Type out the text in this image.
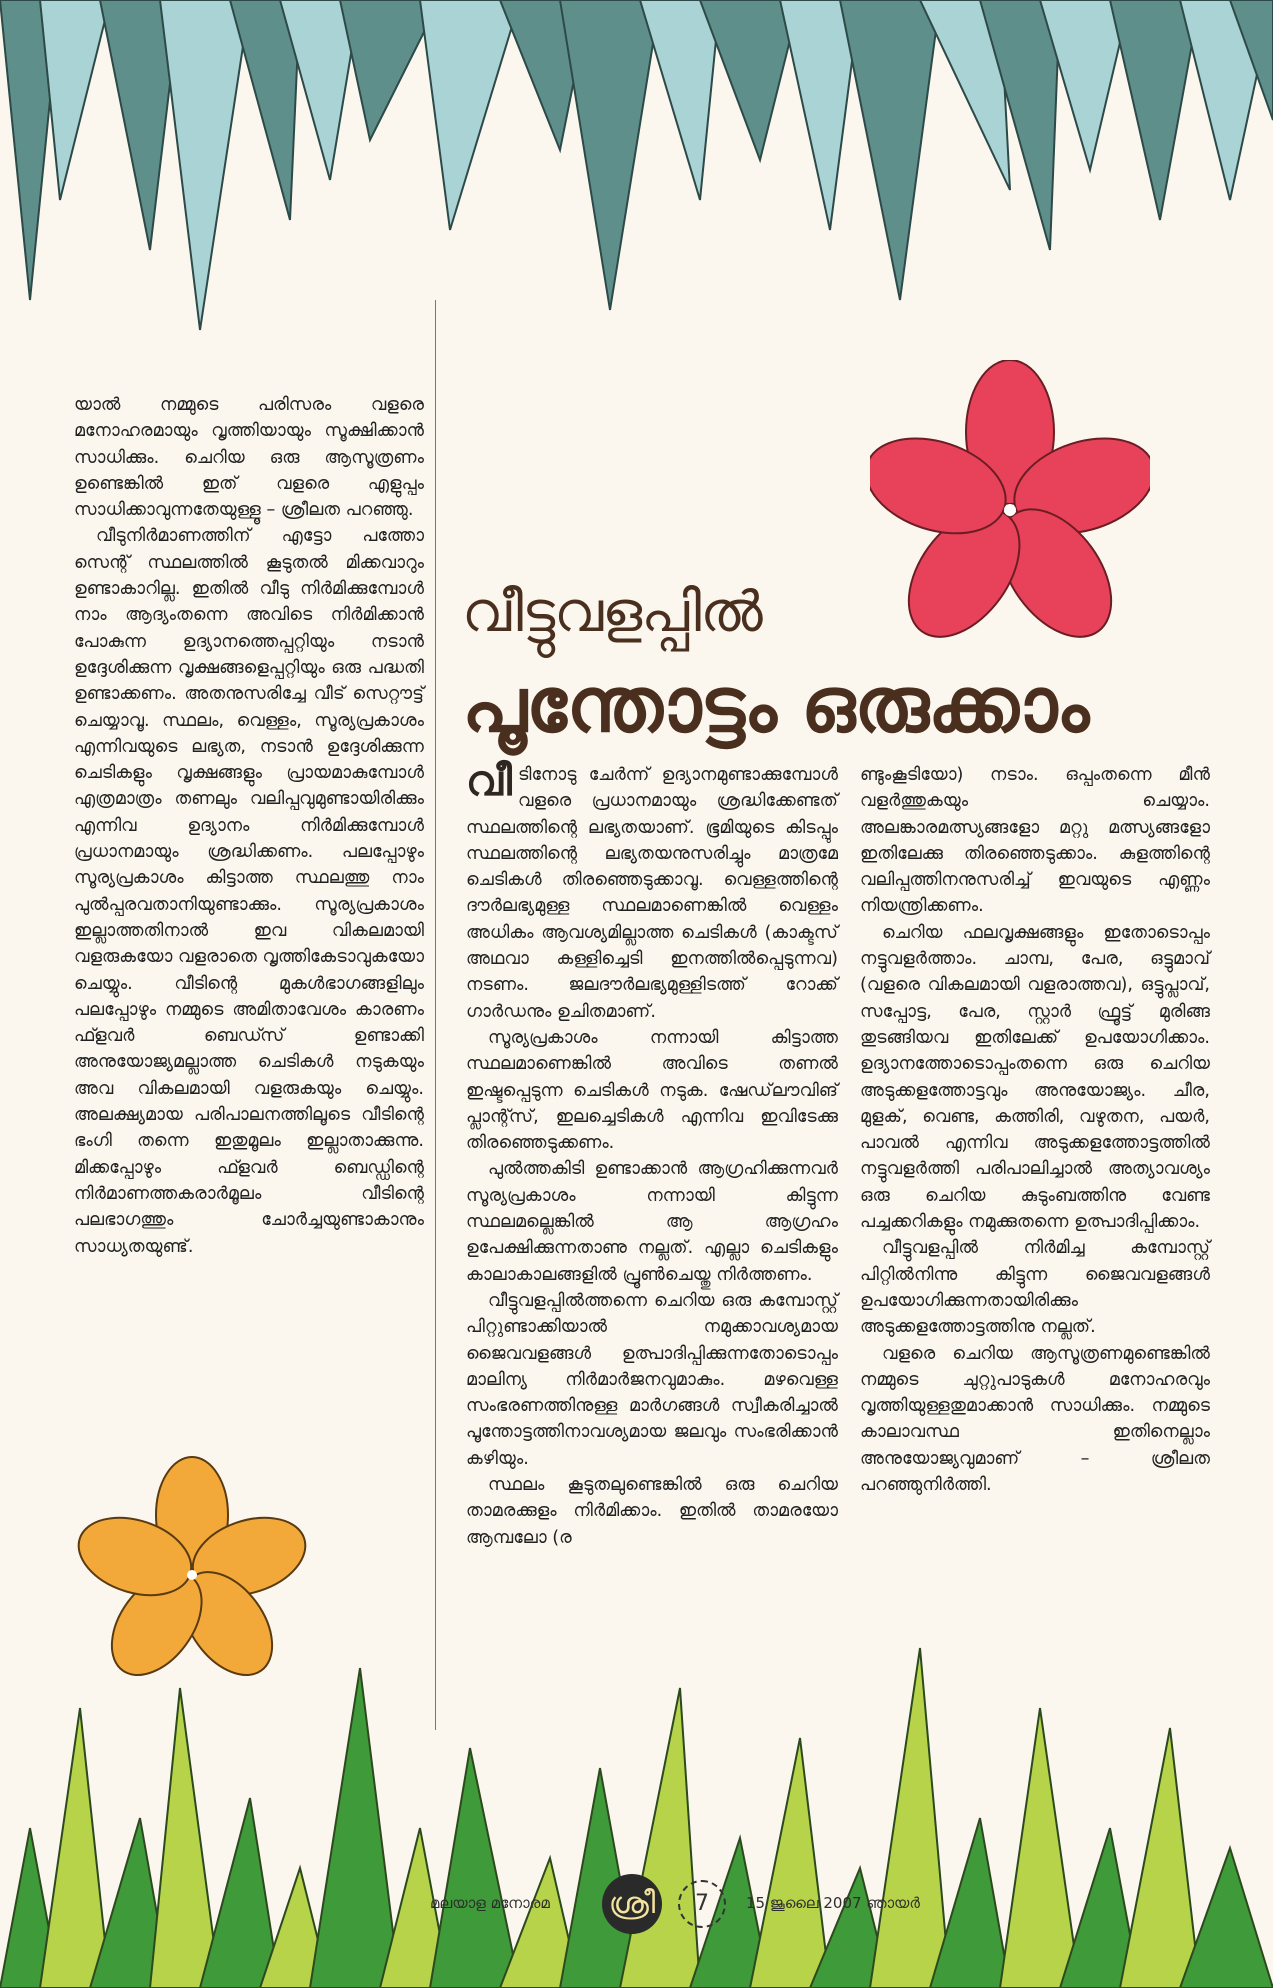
വീട്ടുവളപ്പിൽ
പൂന്തോട്ടം ഒരുക്കാം

യാൽ നമ്മുടെ പരിസരം വളരെ മനോഹരമായും വൃത്തിയായും സൂക്ഷിക്കാൻ സാധിക്കും. ചെറിയ ഒരു ആസൂത്രണം ഉണ്ടെങ്കിൽ ഇത് വളരെ എളുപ്പം സാധിക്കാവുന്നതേയുള്ളൂ – ശ്രീലത പറഞ്ഞു.

വീടുനിർമാണത്തിന് എട്ടോ പത്തോ സെന്റ് സ്ഥലത്തിൽ കൂടുതൽ മിക്കവാറും ഉണ്ടാകാറില്ല. ഇതിൽ വീടു നിർമിക്കുമ്പോൾ നാം ആദ്യംതന്നെ അവിടെ നിർമിക്കാൻ പോകുന്ന ഉദ്യാനത്തെപ്പറ്റിയും നടാൻ ഉദ്ദേശിക്കുന്ന വൃക്ഷങ്ങളെപ്പറ്റിയും ഒരു പദ്ധതി ഉണ്ടാക്കണം. അതനുസരിച്ചേ വീട് സെറ്റൗട്ട് ചെയ്യാവൂ. സ്ഥലം, വെള്ളം, സൂര്യപ്രകാശം എന്നിവയുടെ ലഭ്യത, നടാൻ ഉദ്ദേശിക്കുന്ന ചെടികളും വൃക്ഷങ്ങളും പ്രായമാകുമ്പോൾ എത്രമാത്രം തണലും വലിപ്പവുമുണ്ടായിരിക്കും എന്നിവ ഉദ്യാനം നിർമിക്കുമ്പോൾ പ്രധാനമായും ശ്രദ്ധിക്കണം. പലപ്പോഴും സൂര്യപ്രകാശം കിട്ടാത്ത സ്ഥലത്തു നാം പുൽപ്പരവതാനിയുണ്ടാക്കും. സൂര്യപ്രകാശം ഇല്ലാത്തതിനാൽ ഇവ വികലമായി വളരുകയോ വളരാതെ വൃത്തികേടാവുകയോ ചെയ്യും. വീടിന്റെ മുകൾഭാഗങ്ങളിലും പലപ്പോഴും നമ്മുടെ അമിതാവേശം കാരണം ഫ്ളവർ ബെഡ്സ് ഉണ്ടാക്കി അനുയോജ്യമല്ലാത്ത ചെടികൾ നടുകയും അവ വികലമായി വളരുകയും ചെയ്യും. അലക്ഷ്യമായ പരിപാലനത്തിലൂടെ വീടിന്റെ ഭംഗി തന്നെ ഇതുമൂലം ഇല്ലാതാക്കുന്നു. മിക്കപ്പോഴും ഫ്ളവർ ബെഡ്ഡിന്റെ നിർമാണത്തകരാർമൂലം വീടിന്റെ പലഭാഗത്തും ചോർച്ചയുണ്ടാകാനും സാധ്യതയുണ്ട്.

വീടിനോടു ചേർന്ന് ഉദ്യാനമുണ്ടാക്കുമ്പോൾ വളരെ പ്രധാനമായും ശ്രദ്ധിക്കേണ്ടത് സ്ഥലത്തിന്റെ ലഭ്യതയാണ്. ഭൂമിയുടെ കിടപ്പും സ്ഥലത്തിന്റെ ലഭ്യതയനുസരിച്ചും മാത്രമേ ചെടികൾ തിരഞ്ഞെടുക്കാവൂ. വെള്ളത്തിന്റെ ദൗർലഭ്യമുള്ള സ്ഥലമാണെങ്കിൽ വെള്ളം അധികം ആവശ്യമില്ലാത്ത ചെടികൾ (കാക്ടസ് അഥവാ കള്ളിച്ചെടി ഇനത്തിൽപ്പെടുന്നവ) നടണം. ജലദൗർലഭ്യമുള്ളിടത്ത് റോക്ക് ഗാർഡനും ഉചിതമാണ്.

സൂര്യപ്രകാശം നന്നായി കിട്ടാത്ത സ്ഥലമാണെങ്കിൽ അവിടെ തണൽ ഇഷ്ടപ്പെടുന്ന ചെടികൾ നടുക. ഷേഡ്‌ലൗവിങ് പ്ലാന്റ്സ്, ഇലച്ചെടികൾ എന്നിവ ഇവിടേക്കു തിരഞ്ഞെടുക്കണം.

പുൽത്തകിടി ഉണ്ടാക്കാൻ ആഗ്രഹിക്കുന്നവർ സൂര്യപ്രകാശം നന്നായി കിട്ടുന്ന സ്ഥലമല്ലെങ്കിൽ ആ ആഗ്രഹം ഉപേക്ഷിക്കുന്നതാണു നല്ലത്. എല്ലാ ചെടികളും കാലാകാലങ്ങളിൽ പ്രൂൺചെയ്തു നിർത്തണം.

വീട്ടുവളപ്പിൽത്തന്നെ ചെറിയ ഒരു കമ്പോസ്റ്റ് പിറ്റുണ്ടാക്കിയാൽ നമുക്കാവശ്യമായ ജൈവവളങ്ങൾ ഉത്പാദിപ്പിക്കുന്നതോടൊപ്പം മാലിന്യ നിർമാർജനവുമാകും. മഴവെള്ള സംഭരണത്തിനുള്ള മാർഗങ്ങൾ സ്വീകരിച്ചാൽ പൂന്തോട്ടത്തിനാവശ്യമായ ജലവും സംഭരിക്കാൻ കഴിയും.

സ്ഥലം കൂടുതലുണ്ടെങ്കിൽ ഒരു ചെറിയ താമരക്കുളം നിർമിക്കാം. ഇതിൽ താമരയോ ആമ്പലോ (ര

ണ്ടുംകൂടിയോ) നടാം. ഒപ്പംതന്നെ മീൻ വളർത്തുകയും ചെയ്യാം. അലങ്കാരമത്സ്യങ്ങളോ മറ്റു മത്സ്യങ്ങളോ ഇതിലേക്കു തിരഞ്ഞെടുക്കാം. കുളത്തിന്റെ വലിപ്പത്തിനനുസരിച്ച് ഇവയുടെ എണ്ണം നിയന്ത്രിക്കണം.

ചെറിയ ഫലവൃക്ഷങ്ങളും ഇതോടൊപ്പം നട്ടുവളർത്താം. ചാമ്പ, പേര, ഒട്ടുമാവ് (വളരെ വികലമായി വളരാത്തവ), ഒട്ടുപ്ലാവ്, സപ്പോട്ട, പേര, സ്റ്റാർ ഫ്രൂട്ട് മുരിങ്ങ തുടങ്ങിയവ ഇതിലേക്ക് ഉപയോഗിക്കാം. ഉദ്യാനത്തോടൊപ്പംതന്നെ ഒരു ചെറിയ അടുക്കളത്തോട്ടവും അനുയോജ്യം. ചീര, മുളക്, വെണ്ട, കത്തിരി, വഴുതന, പയർ, പാവൽ എന്നിവ അടുക്കളത്തോട്ടത്തിൽ നട്ടുവളർത്തി പരിപാലിച്ചാൽ അത്യാവശ്യം ഒരു ചെറിയ കുടുംബത്തിനു വേണ്ട പച്ചക്കറികളും നമുക്കുതന്നെ ഉത്പാദിപ്പിക്കാം.

വീട്ടുവളപ്പിൽ നിർമിച്ച കമ്പോസ്റ്റ് പിറ്റിൽനിന്നു കിട്ടുന്ന ജൈവവളങ്ങൾ ഉപയോഗിക്കുന്നതായിരിക്കും അടുക്കളത്തോട്ടത്തിനു നല്ലത്.

വളരെ ചെറിയ ആസൂത്രണമുണ്ടെങ്കിൽ നമ്മുടെ ചുറ്റുപാടുകൾ മനോഹരവും വൃത്തിയുള്ളതുമാക്കാൻ സാധിക്കും. നമ്മുടെ കാലാവസ്ഥ ഇതിനെല്ലാം അനുയോജ്യവുമാണ് – ശ്രീലത പറഞ്ഞുനിർത്തി.

മലയാള മനോരമ ശ്രീ	7	15 ജൂലൈ 2007 ഞായർ
